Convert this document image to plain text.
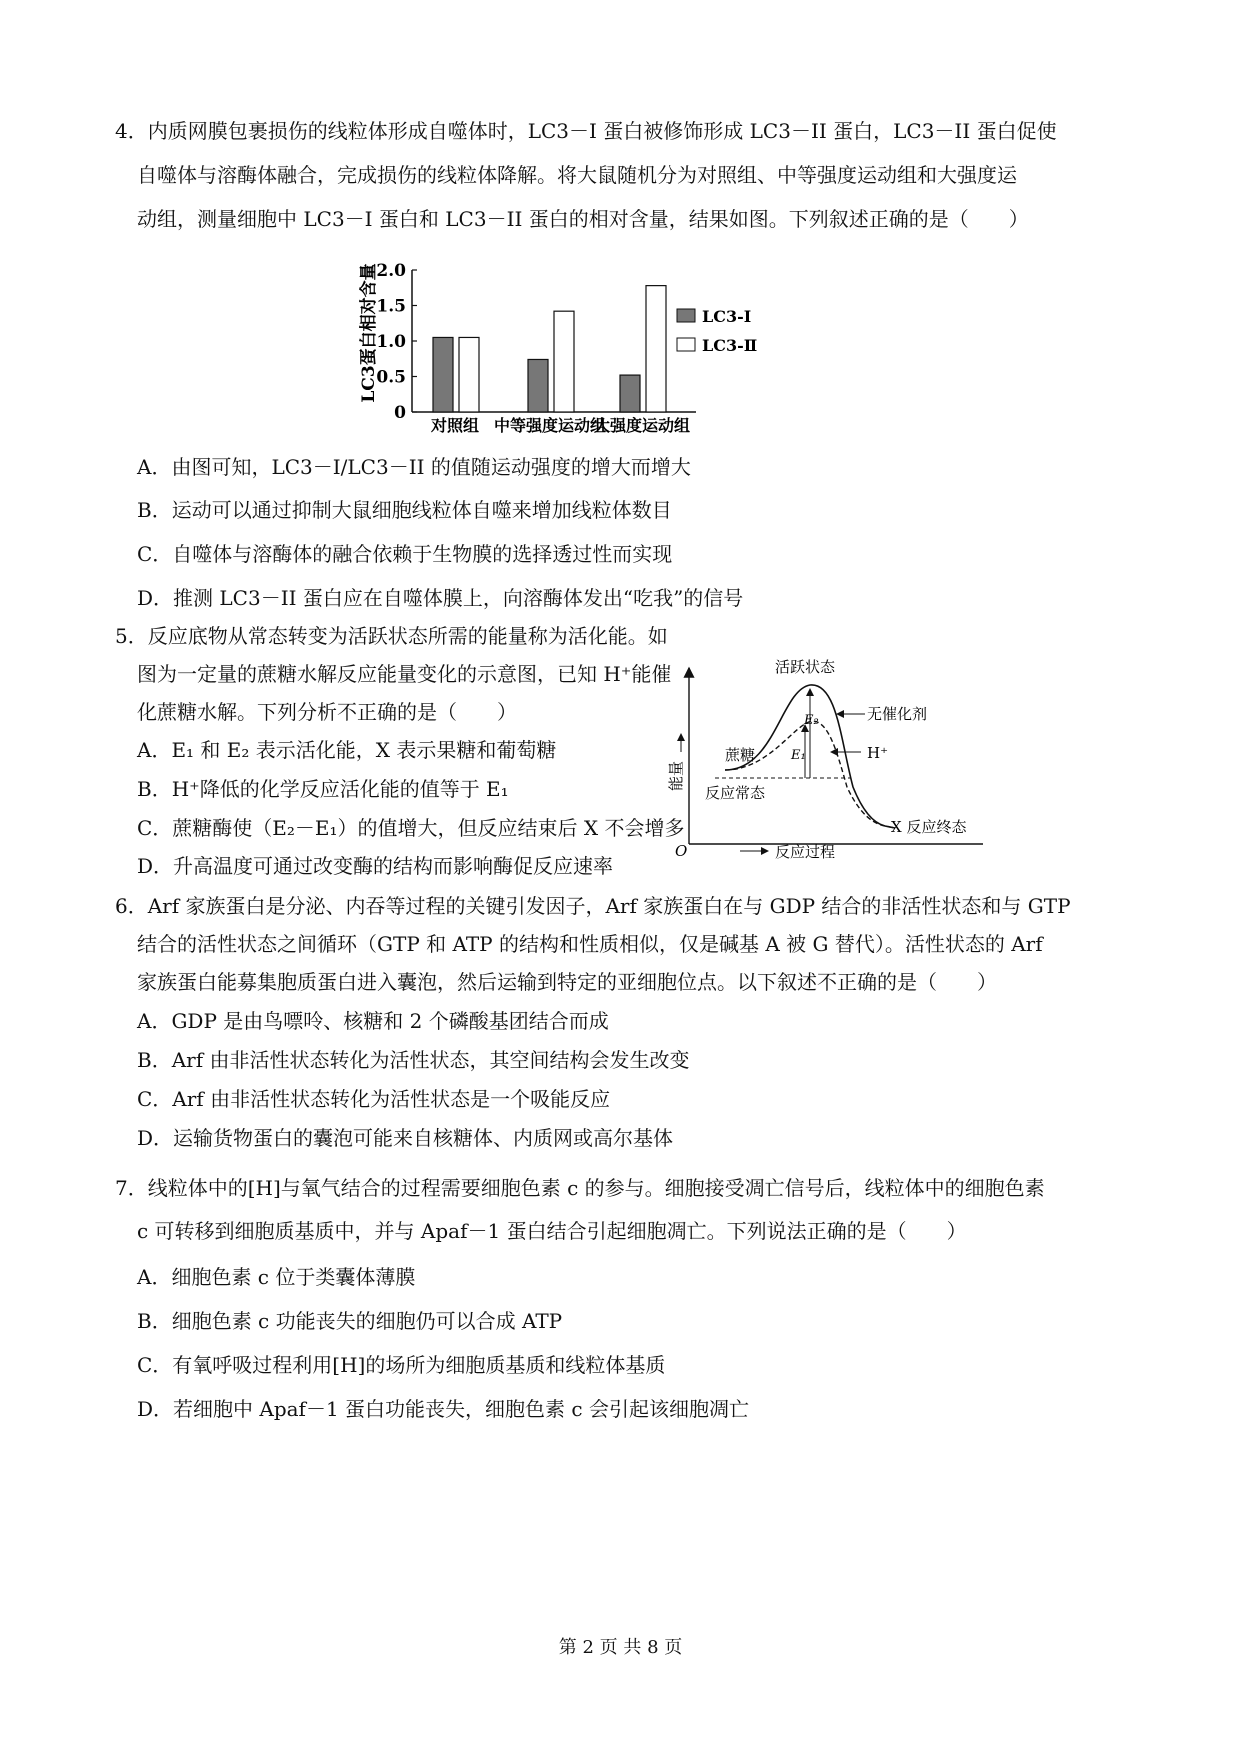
4．内质网膜包裹损伤的线粒体形成自噬体时，LC3－I 蛋白被修饰形成 LC3－II 蛋白，LC3－II 蛋白促使
自噬体与溶酶体融合，完成损伤的线粒体降解。将大鼠随机分为对照组、中等强度运动组和大强度运
动组，测量细胞中 LC3－I 蛋白和 LC3－II 蛋白的相对含量，结果如图。下列叙述正确的是（　　）
LC3蛋白相对含量
0
0.5
1.0
1.5
2.0
对照组 中等强度运动组
大强度运动组
LC3-Ⅰ
LC3-Ⅱ
A．由图可知，LC3－I/LC3－II 的值随运动强度的增大而增大
B．运动可以通过抑制大鼠细胞线粒体自噬来增加线粒体数目
C．自噬体与溶酶体的融合依赖于生物膜的选择透过性而实现
D．推测 LC3－II 蛋白应在自噬体膜上，向溶酶体发出“吃我”的信号
5．反应底物从常态转变为活跃状态所需的能量称为活化能。如
图为一定量的蔗糖水解反应能量变化的示意图，已知 H⁺能催
化蔗糖水解。下列分析不正确的是（　　）
A．E₁ 和 E₂ 表示活化能，X 表示果糖和葡萄糖
B．H⁺降低的化学反应活化能的值等于 E₁
C．蔗糖酶使（E₂－E₁）的值增大，但反应结束后 X 不会增多
D．升高温度可通过改变酶的结构而影响酶促反应速率
O
能量
反应过程
活跃状态
蔗糖
反应常态
X 反应终态
E₂
E₁
无催化剂
H⁺
6．Arf 家族蛋白是分泌、内吞等过程的关键引发因子，Arf 家族蛋白在与 GDP 结合的非活性状态和与 GTP
结合的活性状态之间循环（GTP 和 ATP 的结构和性质相似，仅是碱基 A 被 G 替代）。活性状态的 Arf
家族蛋白能募集胞质蛋白进入囊泡，然后运输到特定的亚细胞位点。以下叙述不正确的是（　　）
A．GDP 是由鸟嘌呤、核糖和 2 个磷酸基团结合而成
B．Arf 由非活性状态转化为活性状态，其空间结构会发生改变
C．Arf 由非活性状态转化为活性状态是一个吸能反应
D．运输货物蛋白的囊泡可能来自核糖体、内质网或高尔基体
7．线粒体中的[H]与氧气结合的过程需要细胞色素 c 的参与。细胞接受凋亡信号后，线粒体中的细胞色素
c 可转移到细胞质基质中，并与 Apaf－1 蛋白结合引起细胞凋亡。下列说法正确的是（　　）
A．细胞色素 c 位于类囊体薄膜
B．细胞色素 c 功能丧失的细胞仍可以合成 ATP
C．有氧呼吸过程利用[H]的场所为细胞质基质和线粒体基质
D．若细胞中 Apaf－1 蛋白功能丧失，细胞色素 c 会引起该细胞凋亡
第 2 页 共 8 页
